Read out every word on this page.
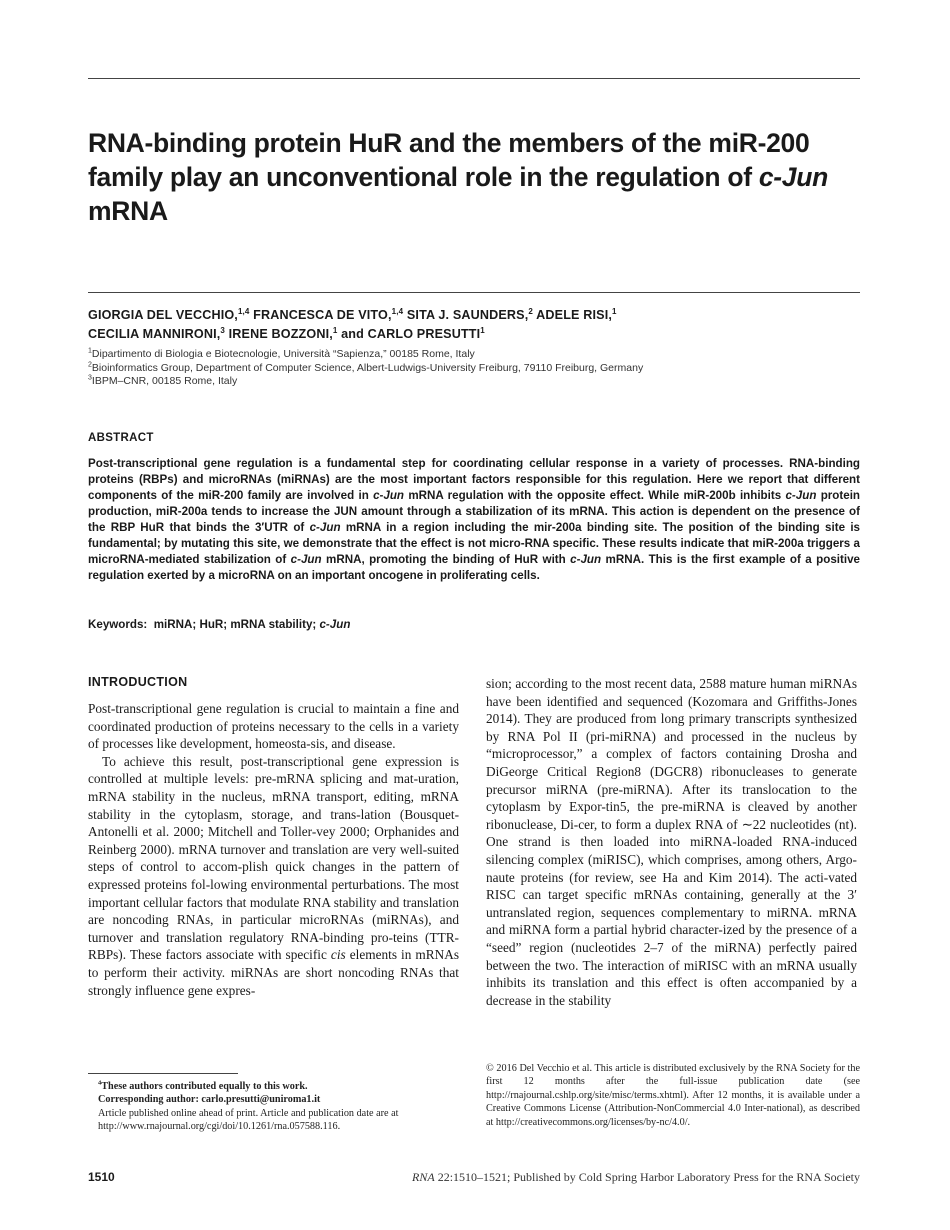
RNA-binding protein HuR and the members of the miR-200 family play an unconventional role in the regulation of c-Jun mRNA
GIORGIA DEL VECCHIO,$^{1,4}$ FRANCESCA DE VITO,$^{1,4}$ SITA J. SAUNDERS,$^2$ ADELE RISI,$^1$
CECILIA MANNIRONI,$^3$ IRENE BOZZONI,$^1$ and CARLO PRESUTTI$^1$
$^1$Dipartimento di Biologia e Biotecnologie, Università “Sapienza,” 00185 Rome, Italy
$^2$Bioinformatics Group, Department of Computer Science, Albert-Ludwigs-University Freiburg, 79110 Freiburg, Germany
$^3$IBPM–CNR, 00185 Rome, Italy
ABSTRACT
Post-transcriptional gene regulation is a fundamental step for coordinating cellular response in a variety of processes. RNA-binding proteins (RBPs) and microRNAs (miRNAs) are the most important factors responsible for this regulation. Here we report that different components of the miR-200 family are involved in c-Jun mRNA regulation with the opposite effect. While miR-200b inhibits c-Jun protein production, miR-200a tends to increase the JUN amount through a stabilization of its mRNA. This action is dependent on the presence of the RBP HuR that binds the 3′UTR of c-Jun mRNA in a region including the mir-200a binding site. The position of the binding site is fundamental; by mutating this site, we demonstrate that the effect is not micro-RNA specific. These results indicate that miR-200a triggers a microRNA-mediated stabilization of c-Jun mRNA, promoting the binding of HuR with c-Jun mRNA. This is the first example of a positive regulation exerted by a microRNA on an important oncogene in proliferating cells.
Keywords: miRNA; HuR; mRNA stability; c-Jun
INTRODUCTION

Post-transcriptional gene regulation is crucial to maintain a fine and coordinated production of proteins necessary to the cells in a variety of processes like development, homeosta-sis, and disease.

To achieve this result, post-transcriptional gene expression is controlled at multiple levels: pre-mRNA splicing and mat-uration, mRNA stability in the nucleus, mRNA transport, editing, mRNA stability in the cytoplasm, storage, and trans-lation (Bousquet-Antonelli et al. 2000; Mitchell and Toller-vey 2000; Orphanides and Reinberg 2000). mRNA turnover and translation are very well-suited steps of control to accom-plish quick changes in the pattern of expressed proteins fol-lowing environmental perturbations. The most important cellular factors that modulate RNA stability and translation are noncoding RNAs, in particular microRNAs (miRNAs), and turnover and translation regulatory RNA-binding pro-teins (TTR-RBPs). These factors associate with specific cis elements in mRNAs to perform their activity. miRNAs are short noncoding RNAs that strongly influence gene expres-

sion; according to the most recent data, 2588 mature human miRNAs have been identified and sequenced (Kozomara and Griffiths-Jones 2014). They are produced from long primary transcripts synthesized by RNA Pol II (pri-miRNA) and processed in the nucleus by “microprocessor,” a complex of factors containing Drosha and DiGeorge Critical Region8 (DGCR8) ribonucleases to generate precursor miRNA (pre-miRNA). After its translocation to the cytoplasm by Expor-tin5, the pre-miRNA is cleaved by another ribonuclease, Di-cer, to form a duplex RNA of ∼22 nucleotides (nt). One strand is then loaded into miRNA-loaded RNA-induced silencing complex (miRISC), which comprises, among others, Argo-naute proteins (for review, see Ha and Kim 2014). The acti-vated RISC can target specific mRNAs containing, generally at the 3′ untranslated region, sequences complementary to miRNA. mRNA and miRNA form a partial hybrid character-ized by the presence of a “seed” region (nucleotides 2–7 of the miRNA) perfectly paired between the two. The interaction of miRISC with an mRNA usually inhibits its translation and this effect is often accompanied by a decrease in the stability

$^4$These authors contributed equally to this work.
Corresponding author: carlo.presutti@uniroma1.it
Article published online ahead of print. Article and publication date are at http://www.rnajournal.org/cgi/doi/10.1261/rna.057588.116.
© 2016 Del Vecchio et al. This article is distributed exclusively by the RNA Society for the first 12 months after the full-issue publication date (see http://rnajournal.cshlp.org/site/misc/terms.xhtml). After 12 months, it is available under a Creative Commons License (Attribution-NonCommercial 4.0 Inter-national), as described at http://creativecommons.org/licenses/by-nc/4.0/.
1510	RNA 22:1510–1521; Published by Cold Spring Harbor Laboratory Press for the RNA Society
